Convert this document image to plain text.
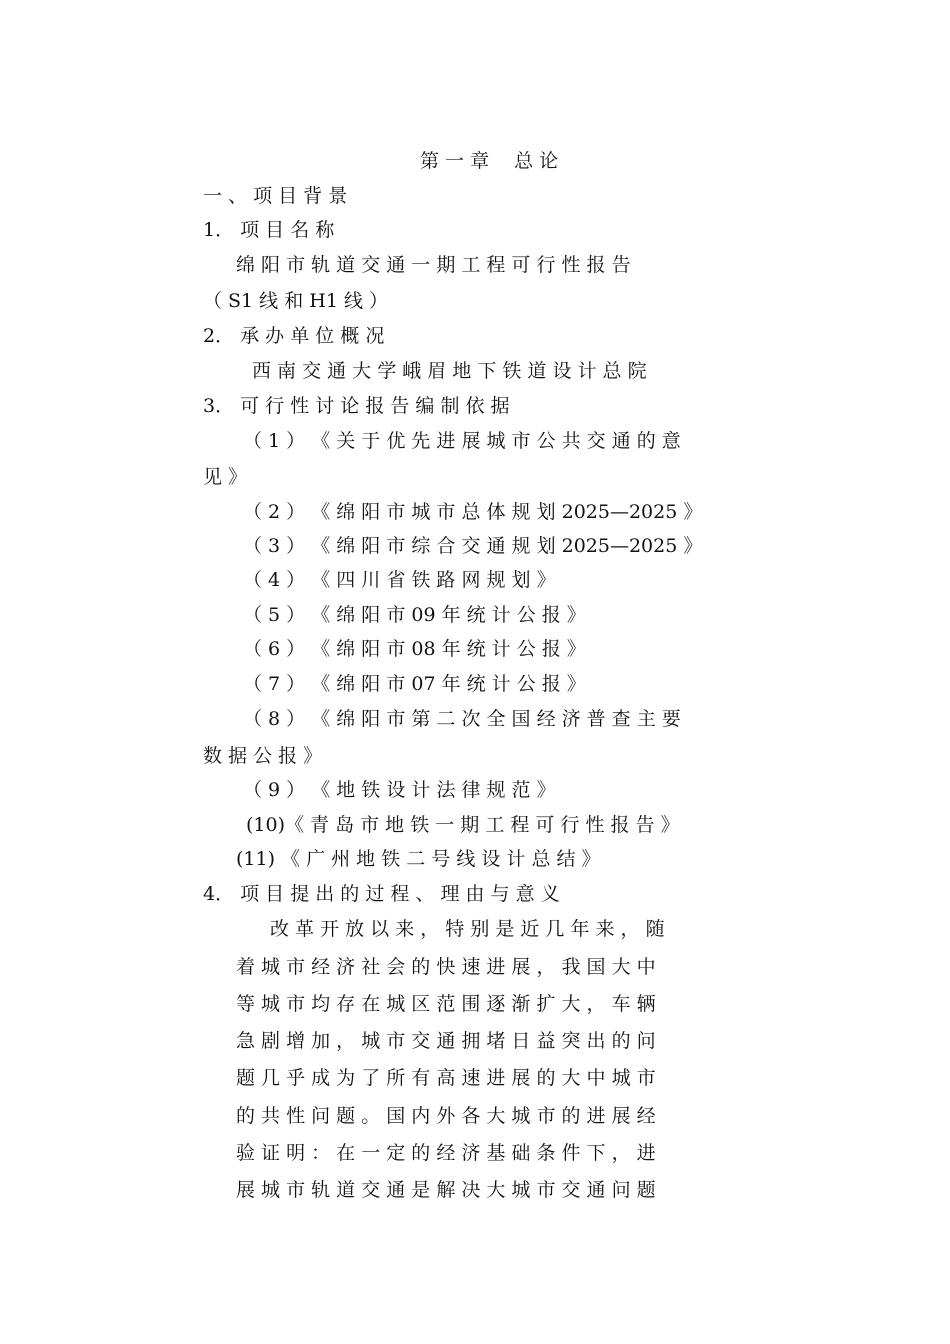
第 一 章 　总 论
一 、 项 目 背 景
1． 项 目 名 称
绵 阳 市 轨 道 交 通 一 期 工 程 可 行 性 报 告
（ S1 线 和 H1 线 ）
2． 承 办 单 位 概 况
西 南 交 通 大 学 峨 眉 地 下 铁 道 设 计 总 院
3． 可 行 性 讨 论 报 告 编 制 依 据
（ 1 ） 《 关 于 优 先 进 展 城 市 公 共 交 通 的 意
见 》
（ 2 ） 《 绵 阳 市 城 市 总 体 规 划 2025—2025 》
（ 3 ） 《 绵 阳 市 综 合 交 通 规 划 2025—2025 》
（ 4 ） 《 四 川 省 铁 路 网 规 划 》
（ 5 ） 《 绵 阳 市 09 年 统 计 公 报 》
（ 6 ） 《 绵 阳 市 08 年 统 计 公 报 》
（ 7 ） 《 绵 阳 市 07 年 统 计 公 报 》
（ 8 ） 《 绵 阳 市 第 二 次 全 国 经 济 普 查 主 要
数 据 公 报 》
（ 9 ） 《 地 铁 设 计 法 律 规 范 》
(10)《 青 岛 市 地 铁 一 期 工 程 可 行 性 报 告 》
(11) 《 广 州 地 铁 二 号 线 设 计 总 结 》
4． 项 目 提 出 的 过 程 、 理 由 与 意 义
改 革 开 放 以 来 ， 特 别 是 近 几 年 来 ， 随
着 城 市 经 济 社 会 的 快 速 进 展 ， 我 国 大 中
等 城 市 均 存 在 城 区 范 围 逐 渐 扩 大 ， 车 辆
急 剧 增 加 ， 城 市 交 通 拥 堵 日 益 突 出 的 问
题 几 乎 成 为 了 所 有 高 速 进 展 的 大 中 城 市
的 共 性 问 题 。 国 内 外 各 大 城 市 的 进 展 经
验 证 明 ： 在 一 定 的 经 济 基 础 条 件 下 ， 进
展 城 市 轨 道 交 通 是 解 决 大 城 市 交 通 问 题
